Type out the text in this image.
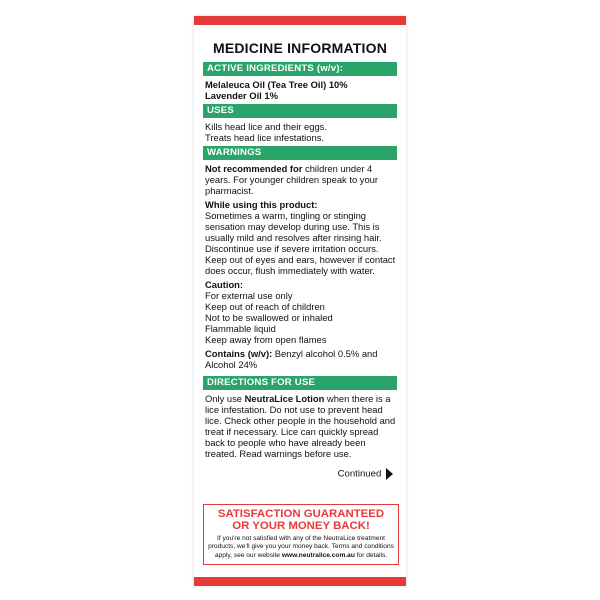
MEDICINE INFORMATION
ACTIVE INGREDIENTS (w/v):
Melaleuca Oil (Tea Tree Oil) 10%
Lavender Oil 1%
USES
Kills head lice and their eggs.
Treats head lice infestations.
WARNINGS

Not recommended for children under 4 years. For younger children speak to your pharmacist.

While using this product:
Sometimes a warm, tingling or stinging sensation may develop during use. This is usually mild and resolves after rinsing hair. Discontinue use if severe irritation occurs. Keep out of eyes and ears, however if contact does occur, flush immediately with water.

Caution:
For external use only
Keep out of reach of children
Not to be swallowed or inhaled
Flammable liquid
Keep away from open flames

Contains (w/v): Benzyl alcohol 0.5% and Alcohol 24%

DIRECTIONS FOR USE

Only use NeutraLice Lotion when there is a lice infestation. Do not use to prevent head lice. Check other people in the household and treat if necessary. Lice can quickly spread back to people who have already been treated. Read warnings before use.

Continued
SATISFACTION GUARANTEED
OR YOUR MONEY BACK!
If you're not satisfied with any of the NeutraLice treatment products, we'll give you your money back. Terms and conditions apply, see our website www.neutralice.com.au for details.
